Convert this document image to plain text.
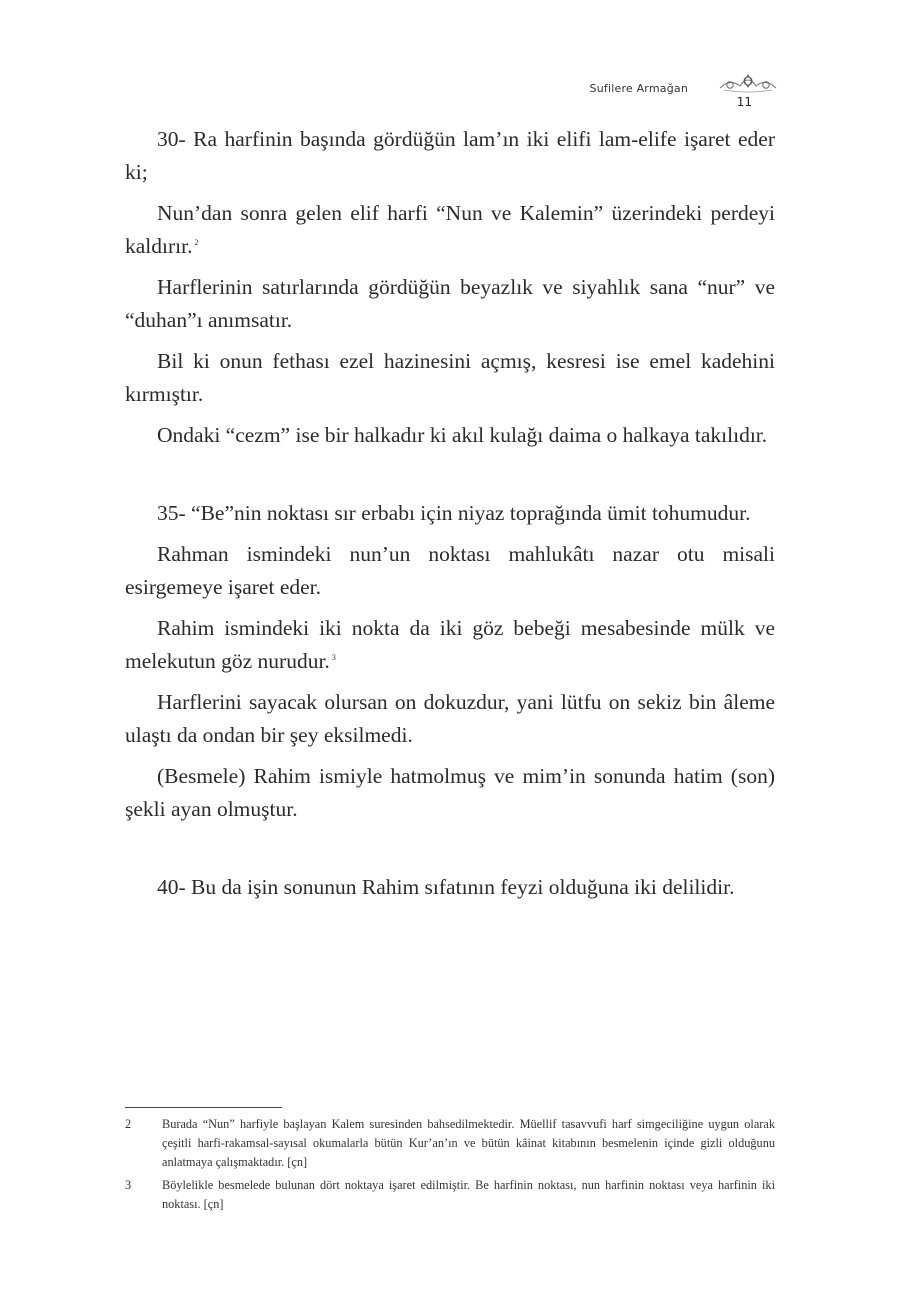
Sufilere Armağan
11

30- Ra harfinin başında gördüğün lam’ın iki elifi lam-elife işaret eder ki;

Nun’dan sonra gelen elif harfi “Nun ve Kalemin” üzerindeki perdeyi kaldırır. $^2$

Harflerinin satırlarında gördüğün beyazlık ve siyahlık sana “nur” ve “duhan”ı anımsatır.

Bil ki onun fethası ezel hazinesini açmış, kesresi ise emel kadehini kırmıştır.

Ondaki “cezm” ise bir halkadır ki akıl kulağı daima o halkaya takılıdır.

35- “Be”nin noktası sır erbabı için niyaz toprağında ümit tohumudur.

Rahman ismindeki nun’un noktası mahlukâtı nazar otu misali esirgemeye işaret eder.

Rahim ismindeki iki nokta da iki göz bebeği mesabesinde mülk ve melekutun göz nurudur. $^3$

Harflerini sayacak olursan on dokuzdur, yani lütfu on sekiz bin âleme ulaştı da ondan bir şey eksilmedi.

(Besmele) Rahim ismiyle hatmolmuş ve mim’in sonunda hatim (son) şekli ayan olmuştur.

40- Bu da işin sonunun Rahim sıfatının feyzi olduğuna iki delilidir.

2	Burada “Nun” harfiyle başlayan Kalem suresinden bahsedilmektedir. Müellif tasavvufi harf simgeciliğine uygun olarak çeşitli harfi-rakamsal-sayısal okumalarla bütün Kur’an’ın ve bütün kâinat kitabının besmelenin içinde gizli olduğunu anlatmaya çalışmaktadır. [çn]
3	Böylelikle besmelede bulunan dört noktaya işaret edilmiştir. Be harfinin noktası, nun harfinin noktası veya harfinin iki noktası. [çn]
